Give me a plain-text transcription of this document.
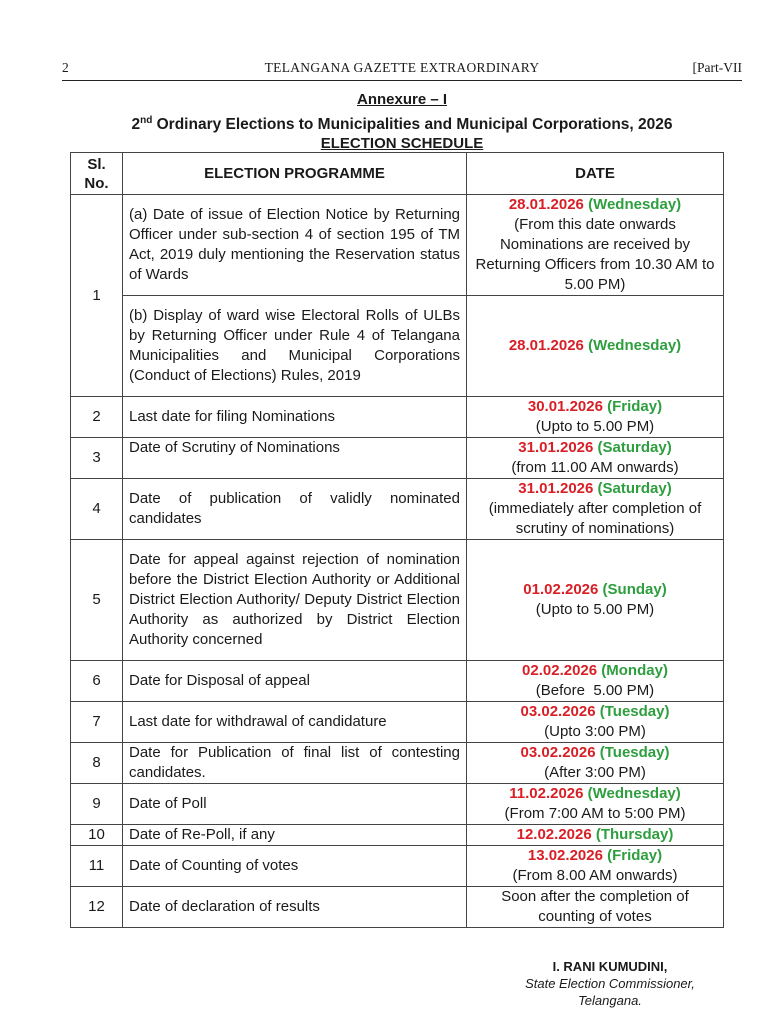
2	TELANGANA GAZETTE EXTRAORDINARY	[Part-VII
Annexure – I
2nd Ordinary Elections to Municipalities and Municipal Corporations, 2026
ELECTION SCHEDULE
Sl.
No.	ELECTION PROGRAMME	DATE
1	(a) Date of issue of Election Notice by Returning Officer under sub-section 4 of section 195 of TM Act, 2019 duly mentioning the Reservation status of Wards	28.01.2026 (Wednesday)
(From this date onwards Nominations are received by Returning Officers from 10.30 AM to 5.00 PM)

	(b) Display of ward wise Electoral Rolls of ULBs by Returning Officer under Rule 4 of Telangana Municipalities and Municipal Corporations (Conduct of Elections) Rules, 2019	28.01.2026 (Wednesday)
2	Last date for filing Nominations	30.01.2026 (Friday)
(Upto to 5.00 PM)

3	Date of Scrutiny of Nominations	31.01.2026 (Saturday)
(from 11.00 AM onwards)

4	Date of publication of validly nominated candidates	31.01.2026 (Saturday)
(immediately after completion of scrutiny of nominations)

5	Date for appeal against rejection of nomination before the District Election Authority or Additional District Election Authority/ Deputy District Election Authority as authorized by District Election Authority concerned	01.02.2026 (Sunday)
(Upto to 5.00 PM)

6	Date for Disposal of appeal	02.02.2026 (Monday)
(Before  5.00 PM)

7	Last date for withdrawal of candidature	03.02.2026 (Tuesday)
(Upto 3:00 PM)

8	Date for Publication of final list of contesting candidates.	03.02.2026 (Tuesday)
(After 3:00 PM)

9	Date of Poll	11.02.2026 (Wednesday)
(From 7:00 AM to 5:00 PM)

10	Date of Re-Poll, if any	12.02.2026 (Thursday)
11	Date of Counting of votes	13.02.2026 (Friday)
(From 8.00 AM onwards)

12	Date of declaration of results	Soon after the completion of counting of votes
I. RANI KUMUDINI,
State Election Commissioner,
Telangana.
